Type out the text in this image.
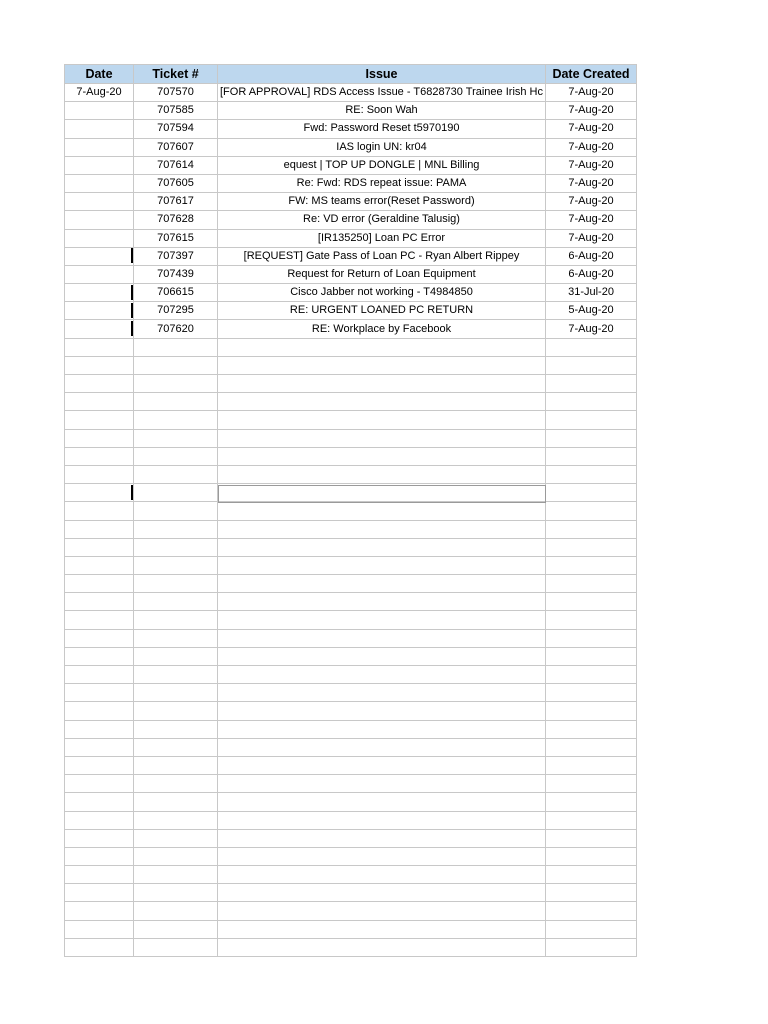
Date	Ticket #	Issue	Date Created
7-Aug-20	707570	[FOR APPROVAL] RDS Access Issue - T6828730 Trainee Irish Hc	7-Aug-20
	707585	RE: Soon Wah	7-Aug-20
	707594	Fwd: Password Reset t5970190	7-Aug-20
	707607	IAS login UN: kr04	7-Aug-20
	707614	equest | TOP UP DONGLE | MNL Billing	7-Aug-20
	707605	Re: Fwd: RDS repeat issue: PAMA	7-Aug-20
	707617	FW: MS teams error(Reset Password)	7-Aug-20
	707628	Re: VD error (Geraldine Talusig)	7-Aug-20
	707615	[IR135250] Loan PC Error	7-Aug-20
	707397	[REQUEST] Gate Pass of Loan PC - Ryan Albert Rippey	6-Aug-20
	707439	Request for Return of Loan Equipment	6-Aug-20
	706615	Cisco Jabber not working - T4984850	31-Jul-20
	707295	RE: URGENT LOANED PC RETURN	5-Aug-20
	707620	RE: Workplace by Facebook	7-Aug-20
